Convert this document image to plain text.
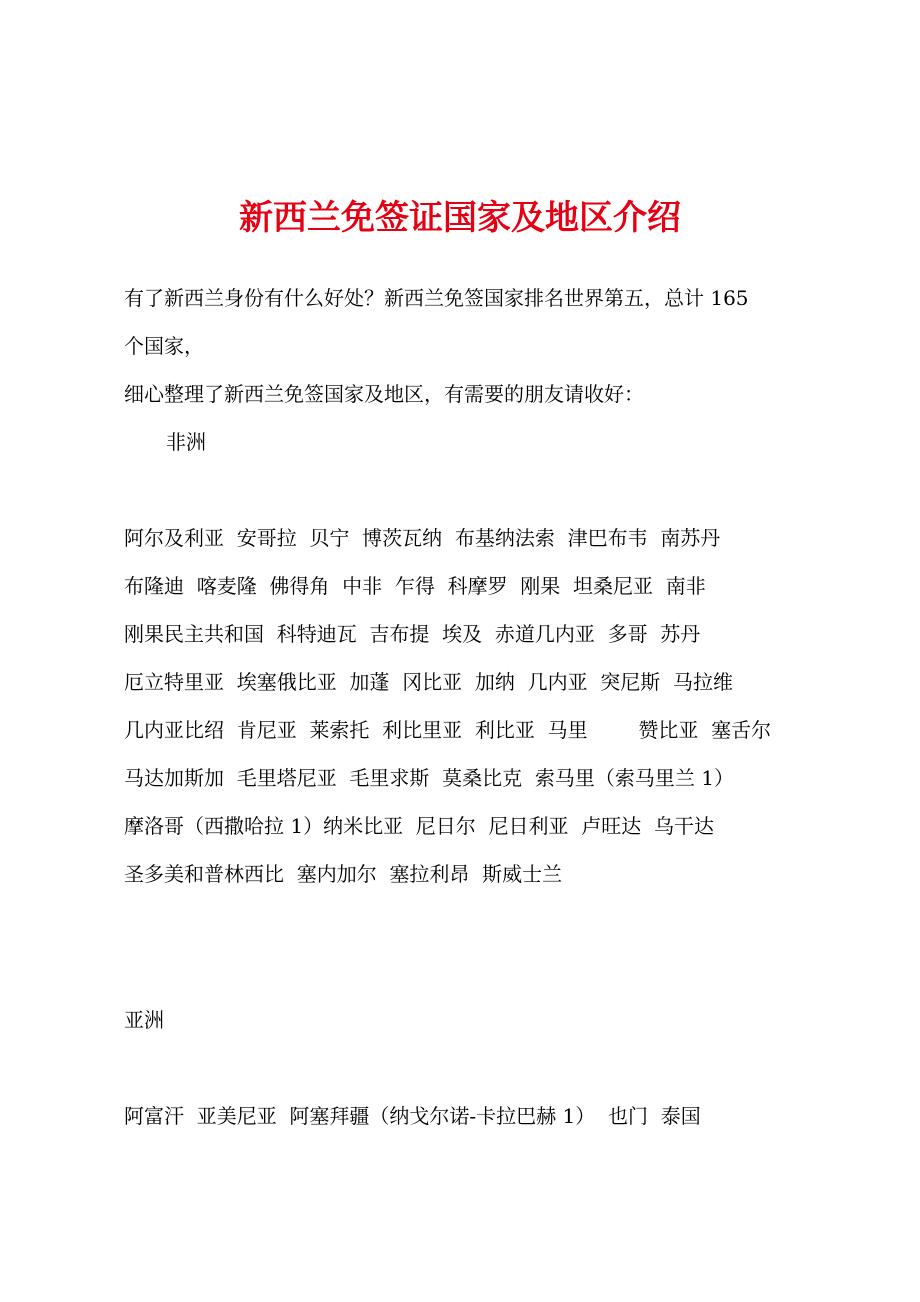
新西兰免签证国家及地区介绍

有了新西兰身份有什么好处？新西兰免签国家排名世界第五，总计 165

个国家，

细心整理了新西兰免签国家及地区，有需要的朋友请收好：

非洲

阿尔及利亚  安哥拉  贝宁  博茨瓦纳  布基纳法索  津巴布韦  南苏丹

布隆迪  喀麦隆  佛得角  中非  乍得  科摩罗  刚果  坦桑尼亚  南非

刚果民主共和国  科特迪瓦  吉布提  埃及  赤道几内亚  多哥  苏丹

厄立特里亚  埃塞俄比亚  加蓬  冈比亚  加纳  几内亚  突尼斯  马拉维

几内亚比绍  肯尼亚  莱索托  利比里亚  利比亚  马里        赞比亚  塞舌尔

马达加斯加  毛里塔尼亚  毛里求斯  莫桑比克  索马里（索马里兰 1）

摩洛哥（西撒哈拉 1）纳米比亚  尼日尔  尼日利亚  卢旺达  乌干达

圣多美和普林西比  塞内加尔  塞拉利昂  斯威士兰

亚洲

阿富汗  亚美尼亚  阿塞拜疆（纳戈尔诺-卡拉巴赫 1）  也门  泰国
